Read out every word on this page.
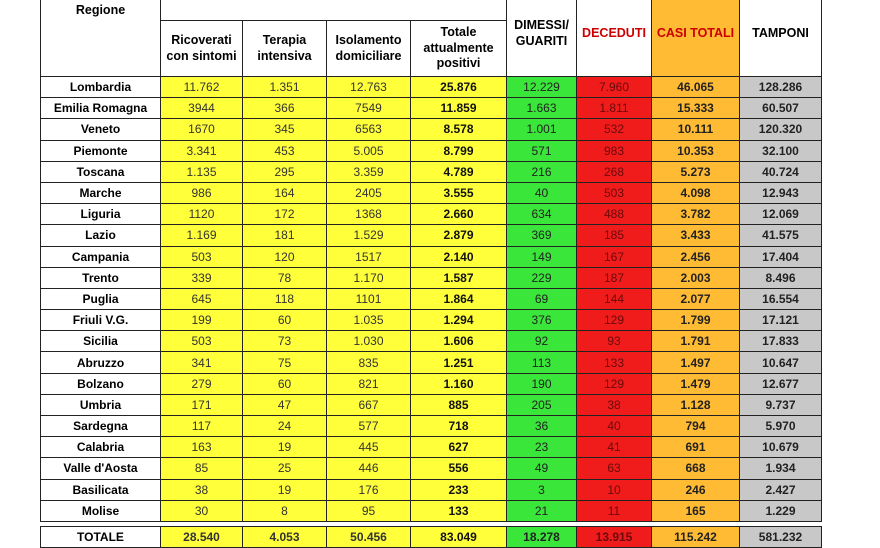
Regione					DIMESSI/ GUARITI	DECEDUTI	CASI TOTALI	TAMPONI
	Ricoverati con sintomi	Terapia intensiva	Isolamento domiciliare	Totale attualmente positivi				
Lombardia	11.762	1.351	12.763	25.876	12.229	7.960	46.065	128.286
Emilia Romagna	3944	366	7549	11.859	1.663	1.811	15.333	60.507
Veneto	1670	345	6563	8.578	1.001	532	10.111	120.320
Piemonte	3.341	453	5.005	8.799	571	983	10.353	32.100
Toscana	1.135	295	3.359	4.789	216	268	5.273	40.724
Marche	986	164	2405	3.555	40	503	4.098	12.943
Liguria	1120	172	1368	2.660	634	488	3.782	12.069
Lazio	1.169	181	1.529	2.879	369	185	3.433	41.575
Campania	503	120	1517	2.140	149	167	2.456	17.404
Trento	339	78	1.170	1.587	229	187	2.003	8.496
Puglia	645	118	1101	1.864	69	144	2.077	16.554
Friuli V.G.	199	60	1.035	1.294	376	129	1.799	17.121
Sicilia	503	73	1.030	1.606	92	93	1.791	17.833
Abruzzo	341	75	835	1.251	113	133	1.497	10.647
Bolzano	279	60	821	1.160	190	129	1.479	12.677
Umbria	171	47	667	885	205	38	1.128	9.737
Sardegna	117	24	577	718	36	40	794	5.970
Calabria	163	19	445	627	23	41	691	10.679
Valle d'Aosta	85	25	446	556	49	63	668	1.934
Basilicata	38	19	176	233	3	10	246	2.427
Molise	30	8	95	133	21	11	165	1.229

TOTALE	28.540	4.053	50.456	83.049	18.278	13.915	115.242	581.232
